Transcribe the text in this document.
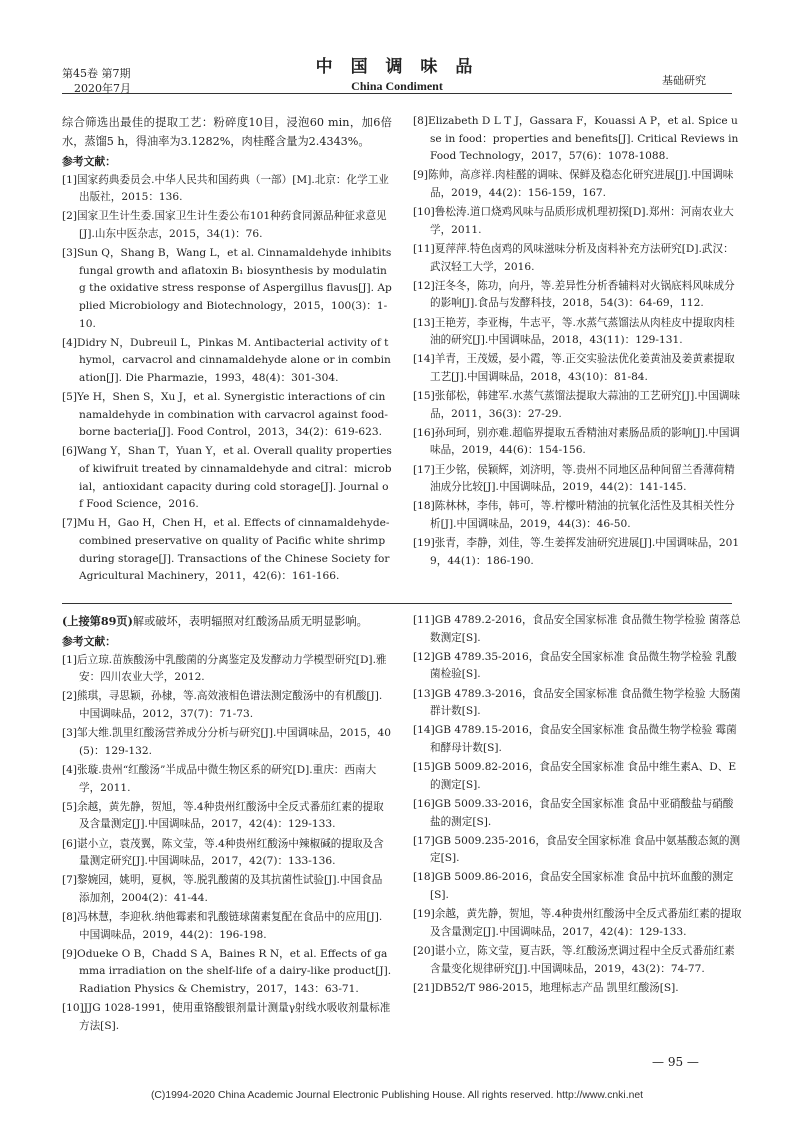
第45卷 第7期
2020年7月
中 国 调 味 品
China Condiment	基础研究

综合筛选出最佳的提取工艺：粉碎度10目，浸泡60 min，加6倍水，蒸馏5 h，得油率为3.1282%，肉桂醛含量为2.4343%。

参考文献：
[1]国家药典委员会.中华人民共和国药典（一部）[M].北京：化学工业出版社，2015：136.
[2]国家卫生计生委.国家卫生计生委公布101种药食同源品种征求意见[J].山东中医杂志，2015，34(1)：76.
[3]Sun Q，Shang B，Wang L，et al. Cinnamaldehyde inhibits fungal growth and aflatoxin B₁ biosynthesis by modulating the oxidative stress response of Aspergillus flavus[J]. Applied Microbiology and Biotechnology，2015，100(3)：1-10.
[4]Didry N，Dubreuil L，Pinkas M. Antibacterial activity of thymol，carvacrol and cinnamaldehyde alone or in combination[J]. Die Pharmazie，1993，48(4)：301-304.
[5]Ye H，Shen S，Xu J，et al. Synergistic interactions of cinnamaldehyde in combination with carvacrol against food-borne bacteria[J]. Food Control，2013，34(2)：619-623.
[6]Wang Y，Shan T，Yuan Y，et al. Overall quality properties of kiwifruit treated by cinnamaldehyde and citral：microbial，antioxidant capacity during cold storage[J]. Journal of Food Science，2016.
[7]Mu H，Gao H，Chen H，et al. Effects of cinnamaldehyde-combined preservative on quality of Pacific white shrimp during storage[J]. Transactions of the Chinese Society for Agricultural Machinery，2011，42(6)：161-166.
[8]Elizabeth D L T J，Gassara F，Kouassi A P，et al. Spice use in food：properties and benefits[J]. Critical Reviews in Food Technology，2017，57(6)：1078-1088.
[9]陈帅，高彦祥.肉桂醛的调味、保鲜及稳态化研究进展[J].中国调味品，2019，44(2)：156-159，167.
[10]鲁松涛.道口烧鸡风味与品质形成机理初探[D].郑州：河南农业大学，2011.
[11]夏萍萍.特色卤鸡的风味滋味分析及卤料补充方法研究[D].武汉：武汉轻工大学，2016.
[12]汪冬冬，陈功，向丹，等.差异性分析香辅料对火锅底料风味成分的影响[J].食品与发酵科技，2018，54(3)：64-69，112.
[13]王艳芳，李亚梅，牛志平，等.水蒸气蒸馏法从肉桂皮中提取肉桂油的研究[J].中国调味品，2018，43(11)：129-131.
[14]羊青，王茂媛，晏小霞，等.正交实验法优化姜黄油及姜黄素提取工艺[J].中国调味品，2018，43(10)：81-84.
[15]张郁松，韩建军.水蒸气蒸馏法提取大蒜油的工艺研究[J].中国调味品，2011，36(3)：27-29.
[16]孙珂珂，别亦难.超临界提取五香精油对素肠品质的影响[J].中国调味品，2019，44(6)：154-156.
[17]王少铭，侯颖辉，刘济明，等.贵州不同地区品种间留兰香薄荷精油成分比较[J].中国调味品，2019，44(2)：141-145.
[18]陈林林，李伟，韩可，等.柠檬叶精油的抗氧化活性及其相关性分析[J].中国调味品，2019，44(3)：46-50.
[19]张青，李静，刘佳，等.生姜挥发油研究进展[J].中国调味品，2019，44(1)：186-190.

(上接第89页)解或破坏，表明辐照对红酸汤品质无明显影响。

参考文献：
[1]后立琼.苗族酸汤中乳酸菌的分离鉴定及发酵动力学模型研究[D].雅安：四川农业大学，2012.
[2]熊琪，寻思颖，孙棣，等.高效液相色谱法测定酸汤中的有机酸[J].中国调味品，2012，37(7)：71-73.
[3]邹大维.凯里红酸汤营养成分分析与研究[J].中国调味品，2015，40(5)：129-132.
[4]张璇.贵州“红酸汤”半成品中微生物区系的研究[D].重庆：西南大学，2011.
[5]余越，黄先静，贺旭，等.4种贵州红酸汤中全反式番茄红素的提取及含量测定[J].中国调味品，2017，42(4)：129-133.
[6]谌小立，袁茂翼，陈文莹，等.4种贵州红酸汤中辣椒碱的提取及含量测定研究[J].中国调味品，2017，42(7)：133-136.
[7]黎婉园，姚明，夏枫，等.脱乳酸菌的及其抗菌性试验[J].中国食品添加剂，2004(2)：41-44.
[8]冯林慧，李迎秋.纳他霉素和乳酸链球菌素复配在食品中的应用[J].中国调味品，2019，44(2)：196-198.
[9]Odueke O B，Chadd S A，Baines R N，et al. Effects of gamma irradiation on the shelf-life of a dairy-like product[J]. Radiation Physics & Chemistry，2017，143：63-71.
[10]JJG 1028-1991，使用重铬酸银剂量计测量γ射线水吸收剂量标准方法[S].
[11]GB 4789.2-2016，食品安全国家标准 食品微生物学检验 菌落总数测定[S].
[12]GB 4789.35-2016，食品安全国家标准 食品微生物学检验 乳酸菌检验[S].
[13]GB 4789.3-2016，食品安全国家标准 食品微生物学检验 大肠菌群计数[S].
[14]GB 4789.15-2016，食品安全国家标准 食品微生物学检验 霉菌和酵母计数[S].
[15]GB 5009.82-2016，食品安全国家标准 食品中维生素A、D、E的测定[S].
[16]GB 5009.33-2016，食品安全国家标准 食品中亚硝酸盐与硝酸盐的测定[S].
[17]GB 5009.235-2016，食品安全国家标准 食品中氨基酸态氮的测定[S].
[18]GB 5009.86-2016，食品安全国家标准 食品中抗坏血酸的测定[S].
[19]余越，黄先静，贺旭，等.4种贵州红酸汤中全反式番茄红素的提取及含量测定[J].中国调味品，2017，42(4)：129-133.
[20]谌小立，陈文莹，夏吉跃，等.红酸汤烹调过程中全反式番茄红素含量变化规律研究[J].中国调味品，2019，43(2)：74-77.
[21]DB52/T 986-2015，地理标志产品 凯里红酸汤[S].
— 95 —
(C)1994-2020 China Academic Journal Electronic Publishing House. All rights reserved. http://www.cnki.net
